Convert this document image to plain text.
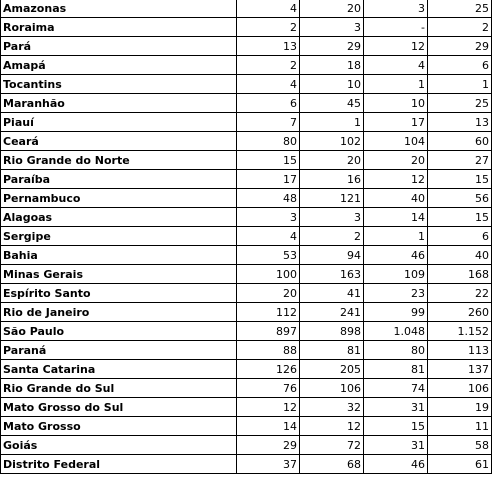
Amazonas	4	20	3	25
Roraima	2	3	-	2
Pará	13	29	12	29
Amapá	2	18	4	6
Tocantins	4	10	1	1
Maranhão	6	45	10	25
Piauí	7	1	17	13
Ceará	80	102	104	60
Rio Grande do Norte	15	20	20	27
Paraíba	17	16	12	15
Pernambuco	48	121	40	56
Alagoas	3	3	14	15
Sergipe	4	2	1	6
Bahia	53	94	46	40
Minas Gerais	100	163	109	168
Espírito Santo	20	41	23	22
Rio de Janeiro	112	241	99	260
São Paulo	897	898	1.048	1.152
Paraná	88	81	80	113
Santa Catarina	126	205	81	137
Rio Grande do Sul	76	106	74	106
Mato Grosso do Sul	12	32	31	19
Mato Grosso	14	12	15	11
Goiás	29	72	31	58
Distrito Federal	37	68	46	61
